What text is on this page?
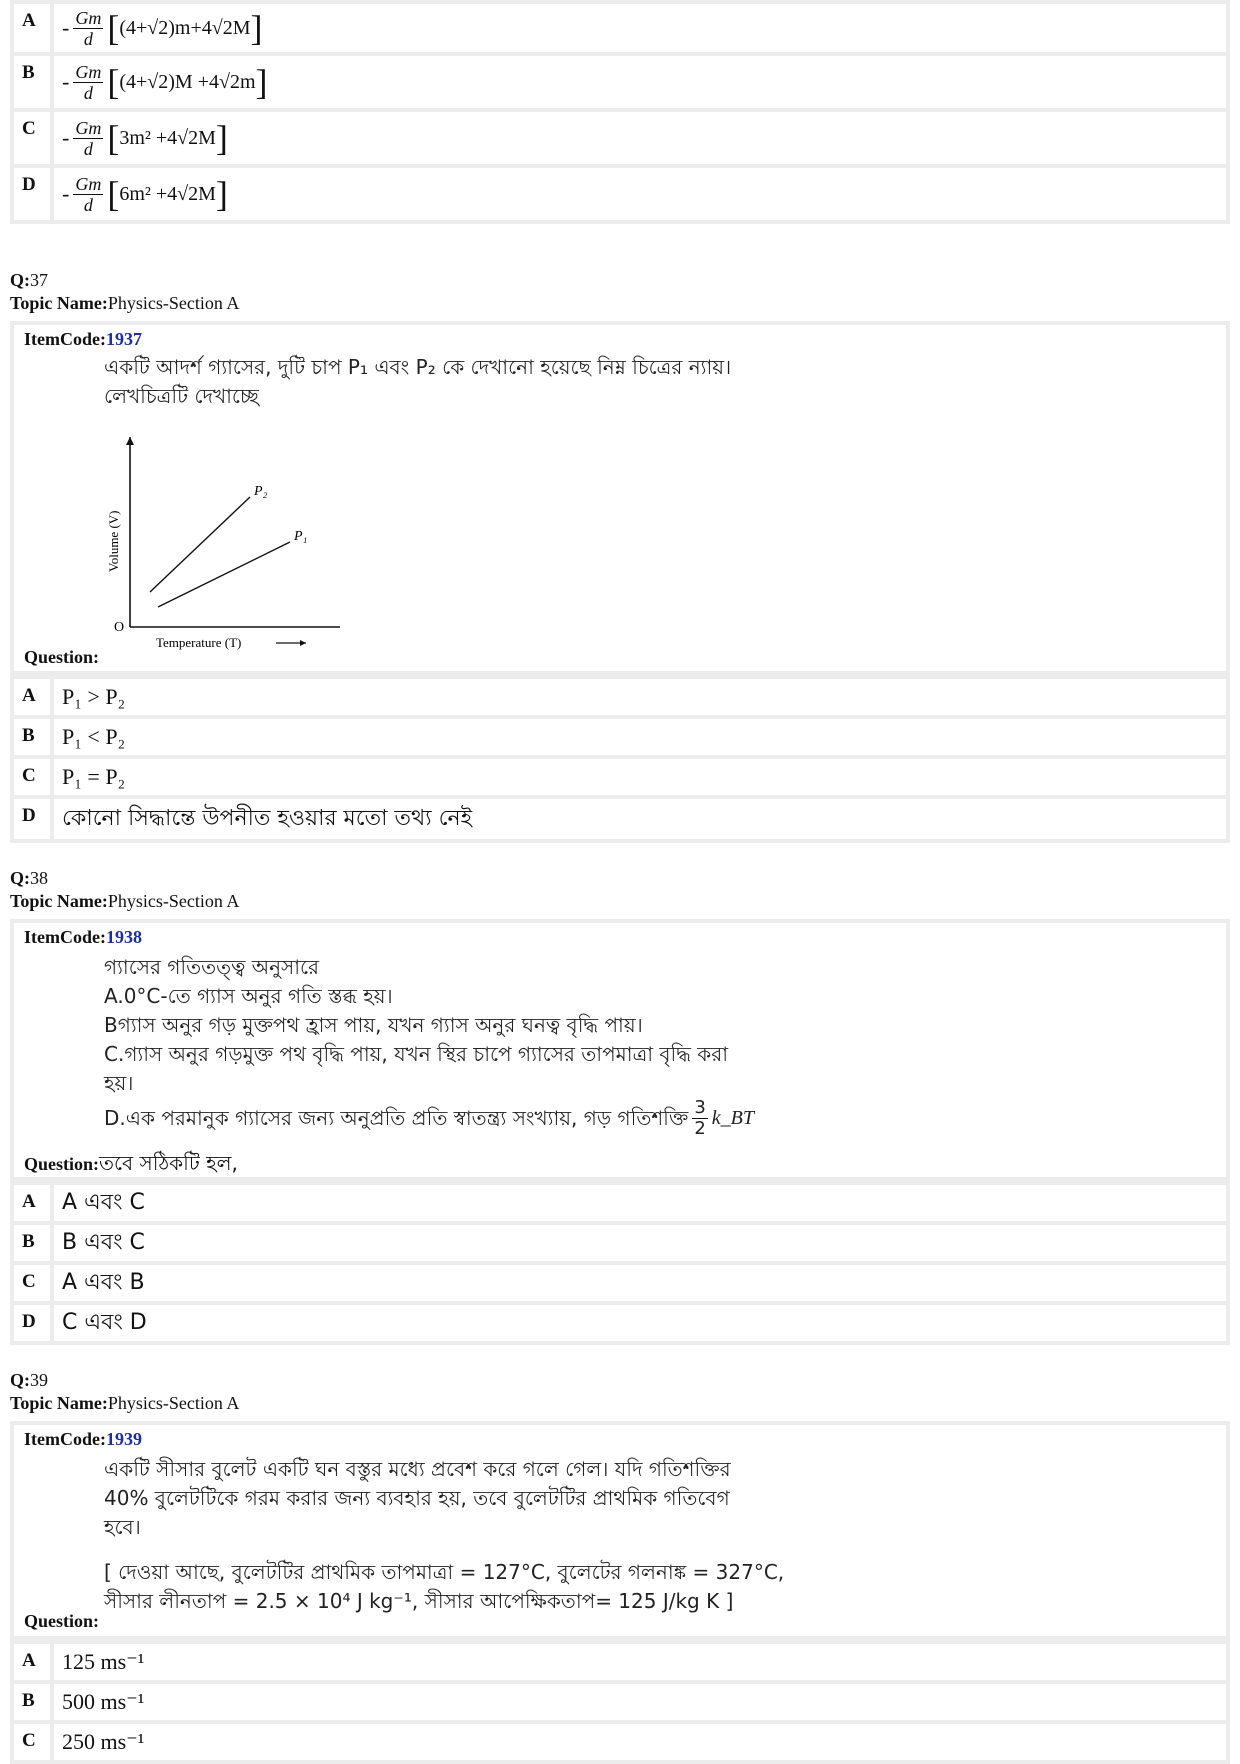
A	- $\frac{Gm}{d}$ [ (4+√2)m+4√2M ]
B	- $\frac{Gm}{d}$ [ (4+√2)M +4√2m ]
C	- $\frac{Gm}{d}$ [ 3m² +4√2M ]
D	- $\frac{Gm}{d}$ [ 6m² +4√2M ]
Q:37
Topic Name:Physics-Section A
ItemCode:1937
একটি আদর্শ গ্যাসের, দুটি চাপ P₁ এবং P₂ কে দেখানো হয়েছে নিম্ন চিত্রের ন্যায়।
লেখচিত্রটি দেখাচ্ছে
P₂
P₁
O
Volume (V)
Temperature (T)
Question:
A	P₁ > P₂
B	P₁ < P₂
C	P₁ = P₂
D	কোনো সিদ্ধান্তে উপনীত হওয়ার মতো তথ্য নেই
Q:38
Topic Name:Physics-Section A
ItemCode:1938
গ্যাসের গতিতত্ত্ব অনুসারে
A.0°C-তে গ্যাস অনুর গতি স্তব্ধ হয়।
Bগ্যাস অনুর গড় মুক্তপথ হ্রাস পায়, যখন গ্যাস অনুর ঘনত্ব বৃদ্ধি পায়।
C.গ্যাস অনুর গড়মুক্ত পথ বৃদ্ধি পায়, যখন স্থির চাপে গ্যাসের তাপমাত্রা বৃদ্ধি করা
হয়।
D.এক পরমানুক গ্যাসের জন্য অনুপ্রতি প্রতি স্বাতন্ত্র্য সংখ্যায়, গড় গতিশক্তি $\frac{3}{2}$ k_BT
Question:তবে সঠিকটি হল,
A	A এবং C
B	B এবং C
C	A এবং B
D	C এবং D
Q:39
Topic Name:Physics-Section A
ItemCode:1939
একটি সীসার বুলেট একটি ঘন বস্তুর মধ্যে প্রবেশ করে গলে গেল। যদি গতিশক্তির
40% বুলেটটিকে গরম করার জন্য ব্যবহার হয়, তবে বুলেটটির প্রাথমিক গতিবেগ
হবে।
[ দেওয়া আছে, বুলেটটির প্রাথমিক তাপমাত্রা = 127°C, বুলেটের গলনাঙ্ক = 327°C,
সীসার লীনতাপ = 2.5 × 10⁴ J kg⁻¹, সীসার আপেক্ষিকতাপ= 125 J/kg K ]
Question:
A	125 ms⁻¹
B	500 ms⁻¹
C	250 ms⁻¹
